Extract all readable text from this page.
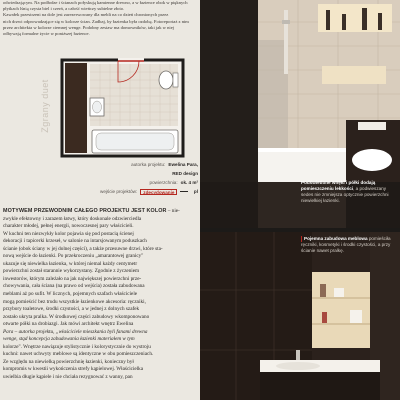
odwiedzającym. Na podłodze i ścianach połyskują kamienne drewno, a w łazience obok w pięknych
płytkach lśnią czysta biel i czerń, a całość wieńczy subtelne złoto.
Kawałek przestrzeni na dole jest zarezerwowany dla mebli na co dzień chronionych przez
nich drzwi odprowadzające się w kolorze ścian. Zadbaj, by łazienka była ozdobą. Fotoreportaż z nim
przez architekta w kolorze ciemnej wenge. Podobny zestaw ma domowników, taki jak w niej
odbywają formalne życie w poniższej łazience.
Zgrany duet
autorka projektu: Ewelina Para,
RED design
powierzchnia: ok. 4 m²
wejście projektów:	zdecydowanie	pl
MOTYWEM PRZEWODNIM CAŁEGO PROJEKTU JEST KOLOR – nie-
zwykle efektowny i zarazem łatwy, który doskonale odzwierciedla
charakter młodej, pełnej energii, nowoczesnej pary właścicieli.
W kuchni ten niezwykły kolor pojawia się pod postacią ścienej
dekoracji i tapicerki krzeseł, w salonie na intarsjowanym poduszkach
ścianie (obok ściany w jej dolnej części), a także przesuwne drzwi, które sta-
nową wejście do łazienki. Po przekroczeniu „amarantowej granicy"
ukazuje się niewielka łazienka, w której niemal każdy centymetr
powierzchni został starannie wykorzystany. Zgodnie z życzeniem
inwestorów, którym zależało na jak największej powierzchni prze-
chowywania, cała ściana (na prawo od wejścia) została zabudowana
meblami aż po sufit. W licznych, pojemnych szafach właściciele
mogą pomieścić bez trudu wszystkie łazienkowe akcesoria: ręczniki,
przybory toaletowe, środki czystości, a w jednej z dolnych szafek
zostało ukryta pralka. W środkowej części zabudowy wkomponowano
otwarte półki na drobiazgi. Jak mówi architekt wnętrz Ewelina
Para – autorka projektu, „właściciele mieszkania byli fanami drewna
wenge, stąd koncepcja zabudowania łazienki materiałem w tym
kolorze". Wnętrze nawiązuje stylistycznie i kolorystycznie do wystroju
kuchni: nawet uchwyty meblowe są identyczne w obu pomieszczeniach.
Ze względu na niewielką powierzchnię łazienki, konieczny był
kompromis w kwestii wykończenia strefy kąpielowej. Właścicielka
uwielbia długie kąpiele i nie chciała rezygnować z wanny, pan
Podświetlone wnęki i półki dodają pomieszczeniu lekkości, a podwieszany sedes nie zmniejsza optycznie powierzchni niewielkiej łazienki.
Pojemna zabudowa meblowa pomieściła ręczniki, kosmetyki i środki czystości, a przy ścianie nawet pralkę.
